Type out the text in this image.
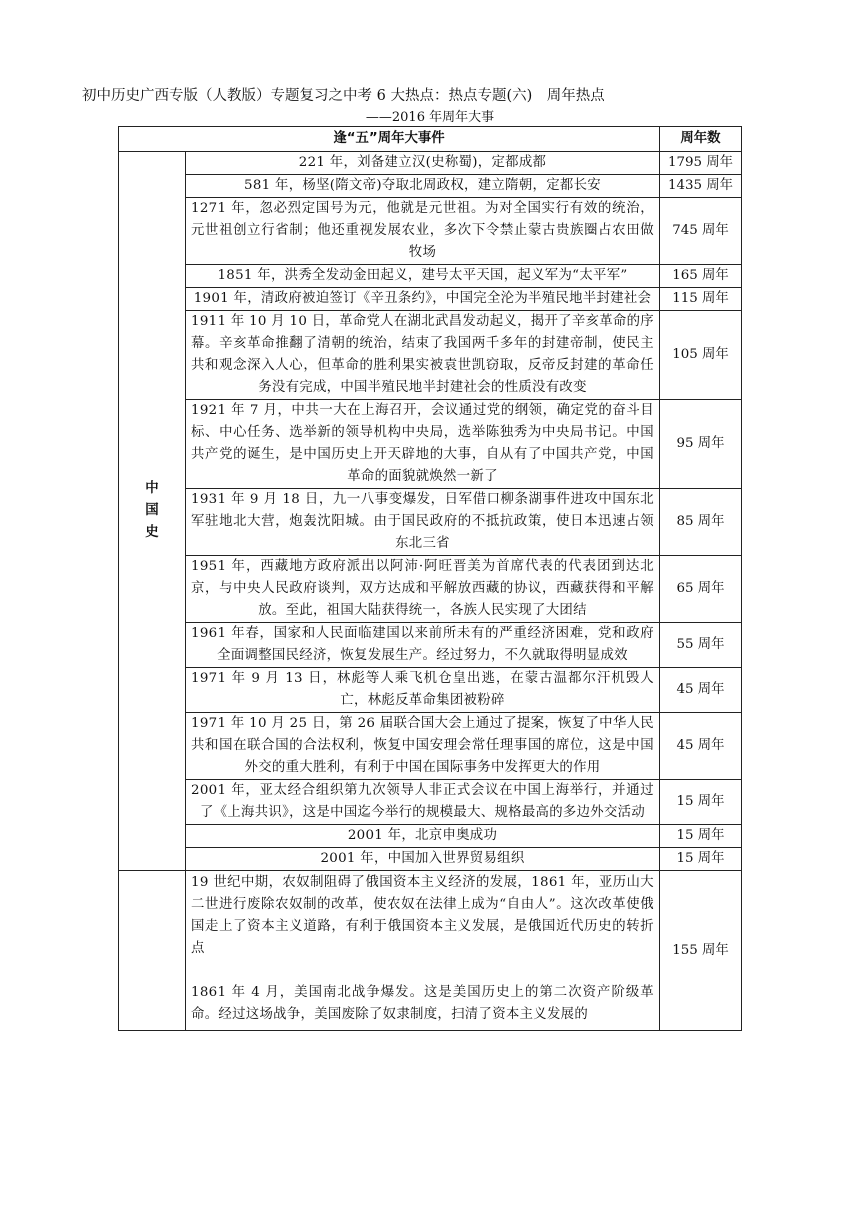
初中历史广西专版（人教版）专题复习之中考 6 大热点：热点专题(六)　周年热点
——2016 年周年大事
逢“五”周年大事件		周年数
中国史	221 年，刘备建立汉(史称蜀)，定都成都	1795 周年
	581 年，杨坚(隋文帝)夺取北周政权，建立隋朝，定都长安	1435 周年
	1271 年，忽必烈定国号为元，他就是元世祖。为对全国实行有效的统治，元世祖创立行省制；他还重视发展农业，多次下令禁止蒙古贵族圈占农田做牧场	745 周年
	1851 年，洪秀全发动金田起义，建号太平天国，起义军为“太平军”	165 周年
	1901 年，清政府被迫签订《辛丑条约》，中国完全沦为半殖民地半封建社会	115 周年
	1911 年 10 月 10 日，革命党人在湖北武昌发动起义，揭开了辛亥革命的序幕。辛亥革命推翻了清朝的统治，结束了我国两千多年的封建帝制，使民主共和观念深入人心，但革命的胜利果实被袁世凯窃取，反帝反封建的革命任务没有完成，中国半殖民地半封建社会的性质没有改变	105 周年
	1921 年 7 月，中共一大在上海召开，会议通过党的纲领，确定党的奋斗目标、中心任务、选举新的领导机构中央局，选举陈独秀为中央局书记。中国共产党的诞生，是中国历史上开天辟地的大事，自从有了中国共产党，中国革命的面貌就焕然一新了	95 周年
	1931 年 9 月 18 日，九一八事变爆发，日军借口柳条湖事件进攻中国东北军驻地北大营，炮轰沈阳城。由于国民政府的不抵抗政策，使日本迅速占领东北三省	85 周年
	1951 年，西藏地方政府派出以阿沛·阿旺晋美为首席代表的代表团到达北京，与中央人民政府谈判，双方达成和平解放西藏的协议，西藏获得和平解放。至此，祖国大陆获得统一，各族人民实现了大团结	65 周年
	1961 年春，国家和人民面临建国以来前所未有的严重经济困难，党和政府全面调整国民经济，恢复发展生产。经过努力，不久就取得明显成效	55 周年
	1971 年 9 月 13 日，林彪等人乘飞机仓皇出逃，在蒙古温都尔汗机毁人亡，林彪反革命集团被粉碎	45 周年
	1971 年 10 月 25 日，第 26 届联合国大会上通过了提案，恢复了中华人民共和国在联合国的合法权利，恢复中国安理会常任理事国的席位，这是中国外交的重大胜利，有利于中国在国际事务中发挥更大的作用	45 周年
	2001 年，亚太经合组织第九次领导人非正式会议在中国上海举行，并通过了《上海共识》，这是中国迄今举行的规模最大、规格最高的多边外交活动	15 周年
	2001 年，北京申奥成功	15 周年
	2001 年，中国加入世界贸易组织	15 周年

	19 世纪中期，农奴制阻碍了俄国资本主义经济的发展，1861 年，亚历山大二世进行废除农奴制的改革，使农奴在法律上成为“自由人”。这次改革使俄国走上了资本主义道路，有利于俄国资本主义发展，是俄国近代历史的转折点

1861 年 4 月，美国南北战争爆发。这是美国历史上的第二次资产阶级革命。经过这场战争，美国废除了奴隶制度，扫清了资本主义发展的	155 周年
